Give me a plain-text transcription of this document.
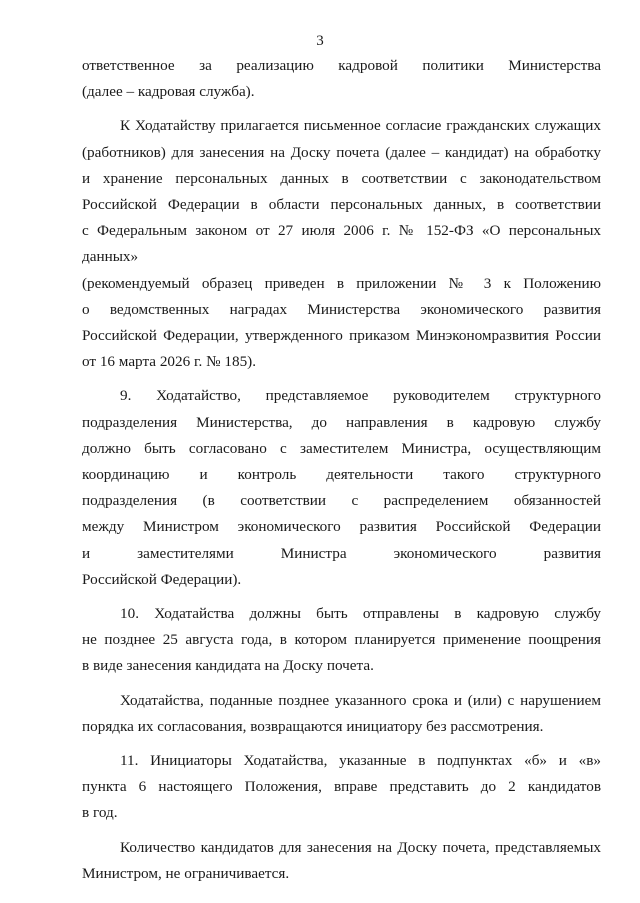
3

ответственное за реализацию кадровой политики Министерства
(далее – кадровая служба).

К Ходатайству прилагается письменное согласие гражданских служащих
(работников) для занесения на Доску почета (далее – кандидат) на обработку
и хранение персональных данных в соответствии с законодательством
Российской Федерации в области персональных данных, в соответствии
с Федеральным законом от 27 июля 2006 г. № 152-ФЗ «О персональных данных»
(рекомендуемый образец приведен в приложении № 3 к Положению
о ведомственных наградах Министерства экономического развития
Российской Федерации, утвержденного приказом Минэкономразвития России
от 16 марта 2026 г. № 185).

9. Ходатайство, представляемое руководителем структурного
подразделения Министерства, до направления в кадровую службу
должно быть согласовано с заместителем Министра, осуществляющим
координацию и контроль деятельности такого структурного
подразделения (в соответствии с распределением обязанностей
между Министром экономического развития Российской Федерации
и заместителями Министра экономического развития
Российской Федерации).

10. Ходатайства должны быть отправлены в кадровую службу
не позднее 25 августа года, в котором планируется применение поощрения
в виде занесения кандидата на Доску почета.

Ходатайства, поданные позднее указанного срока и (или) с нарушением
порядка их согласования, возвращаются инициатору без рассмотрения.

11. Инициаторы Ходатайства, указанные в подпунктах «б» и «в»
пункта 6 настоящего Положения, вправе представить до 2 кандидатов
в год.

Количество кандидатов для занесения на Доску почета, представляемых
Министром, не ограничивается.
